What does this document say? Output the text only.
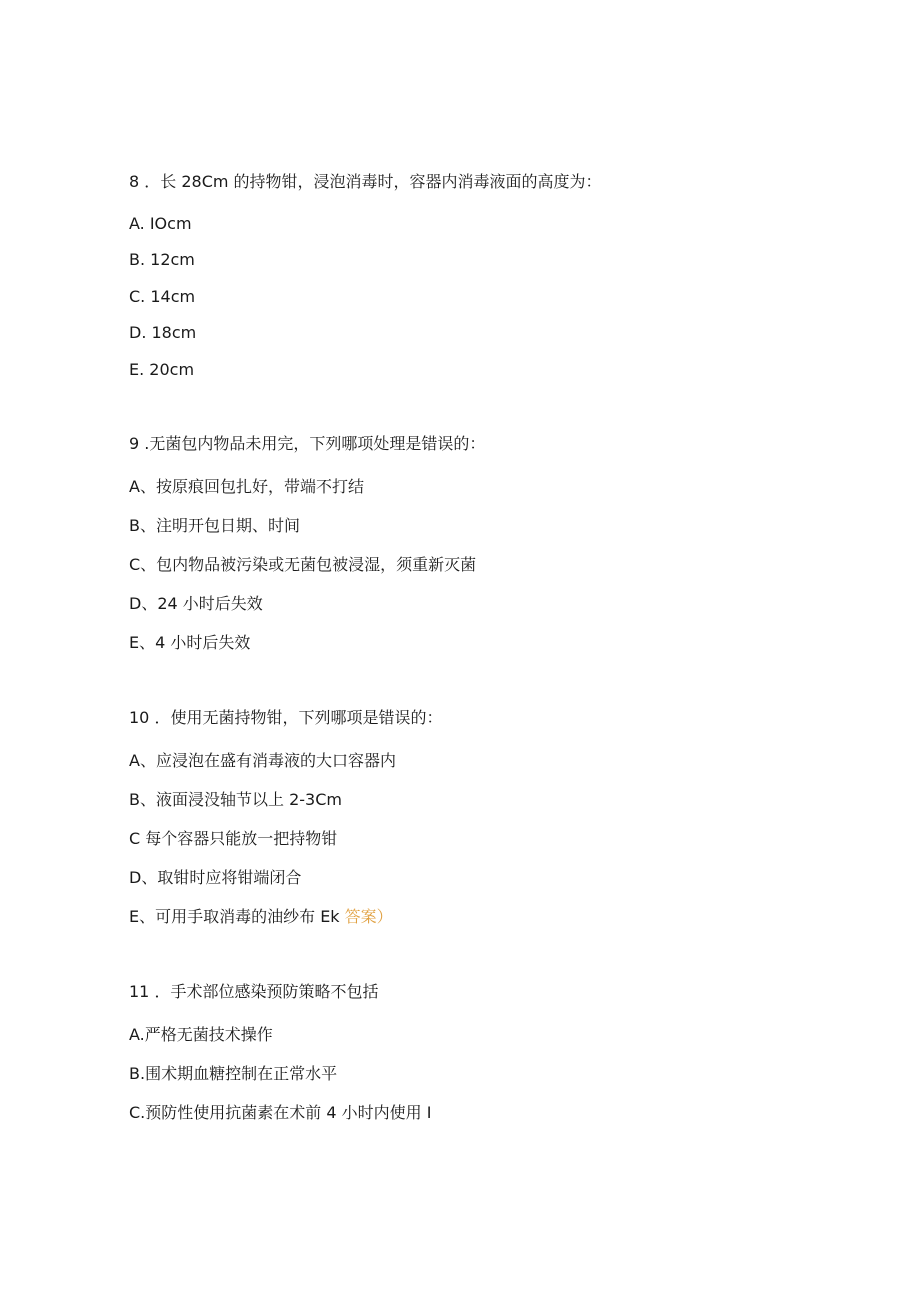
8 ．长 28Cm 的持物钳，浸泡消毒时，容器内消毒液面的高度为：
A. IOcm
B. 12cm
C. 14cm
D. 18cm
E. 20cm
9 .无菌包内物品未用完，下列哪项处理是错误的：
A、按原痕回包扎好，带端不打结
B、注明开包日期、时间
C、包内物品被污染或无菌包被浸湿，须重新灭菌
D、24 小时后失效
E、4 小时后失效
10 ．使用无菌持物钳，下列哪项是错误的：
A、应浸泡在盛有消毒液的大口容器内
B、液面浸没轴节以上 2-3Cm
C 每个容器只能放一把持物钳
D、取钳时应将钳端闭合
E、可用手取消毒的油纱布 Ek 答案）
11 ．手术部位感染预防策略不包括
A.严格无菌技术操作
B.围术期血糖控制在正常水平
C.预防性使用抗菌素在术前 4 小时内使用 I
